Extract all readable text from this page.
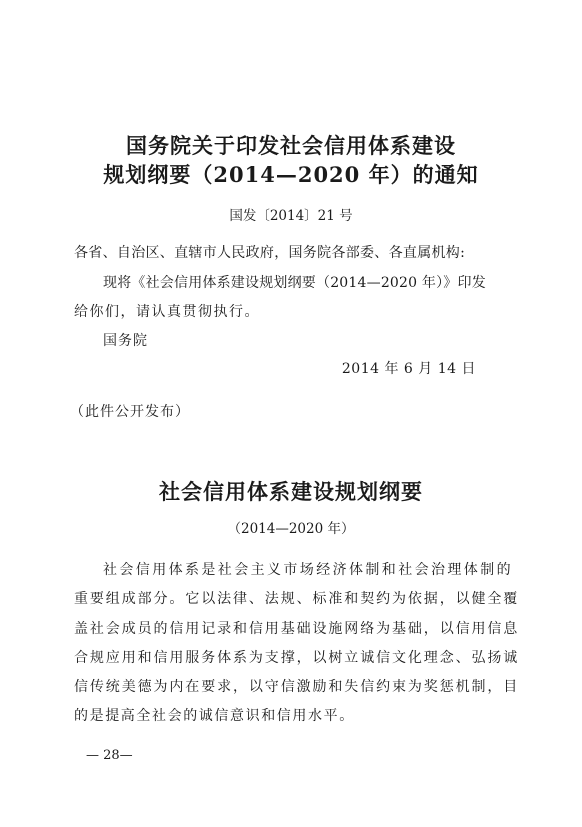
国务院关于印发社会信用体系建设
规划纲要（2014—2020 年）的通知
国发〔2014〕21 号
各省、自治区、直辖市人民政府，国务院各部委、各直属机构:
现将《社会信用体系建设规划纲要（2014—2020 年）》印发
给你们，请认真贯彻执行。
国务院
2014 年 6 月 14 日
（此件公开发布）
社会信用体系建设规划纲要
（2014—2020 年）
社会信用体系是社会主义市场经济体制和社会治理体制的
重要组成部分。它以法律、法规、标准和契约为依据，以健全覆
盖社会成员的信用记录和信用基础设施网络为基础，以信用信息
合规应用和信用服务体系为支撑，以树立诚信文化理念、弘扬诚
信传统美德为内在要求，以守信激励和失信约束为奖惩机制，目
的是提高全社会的诚信意识和信用水平。
— 28—
